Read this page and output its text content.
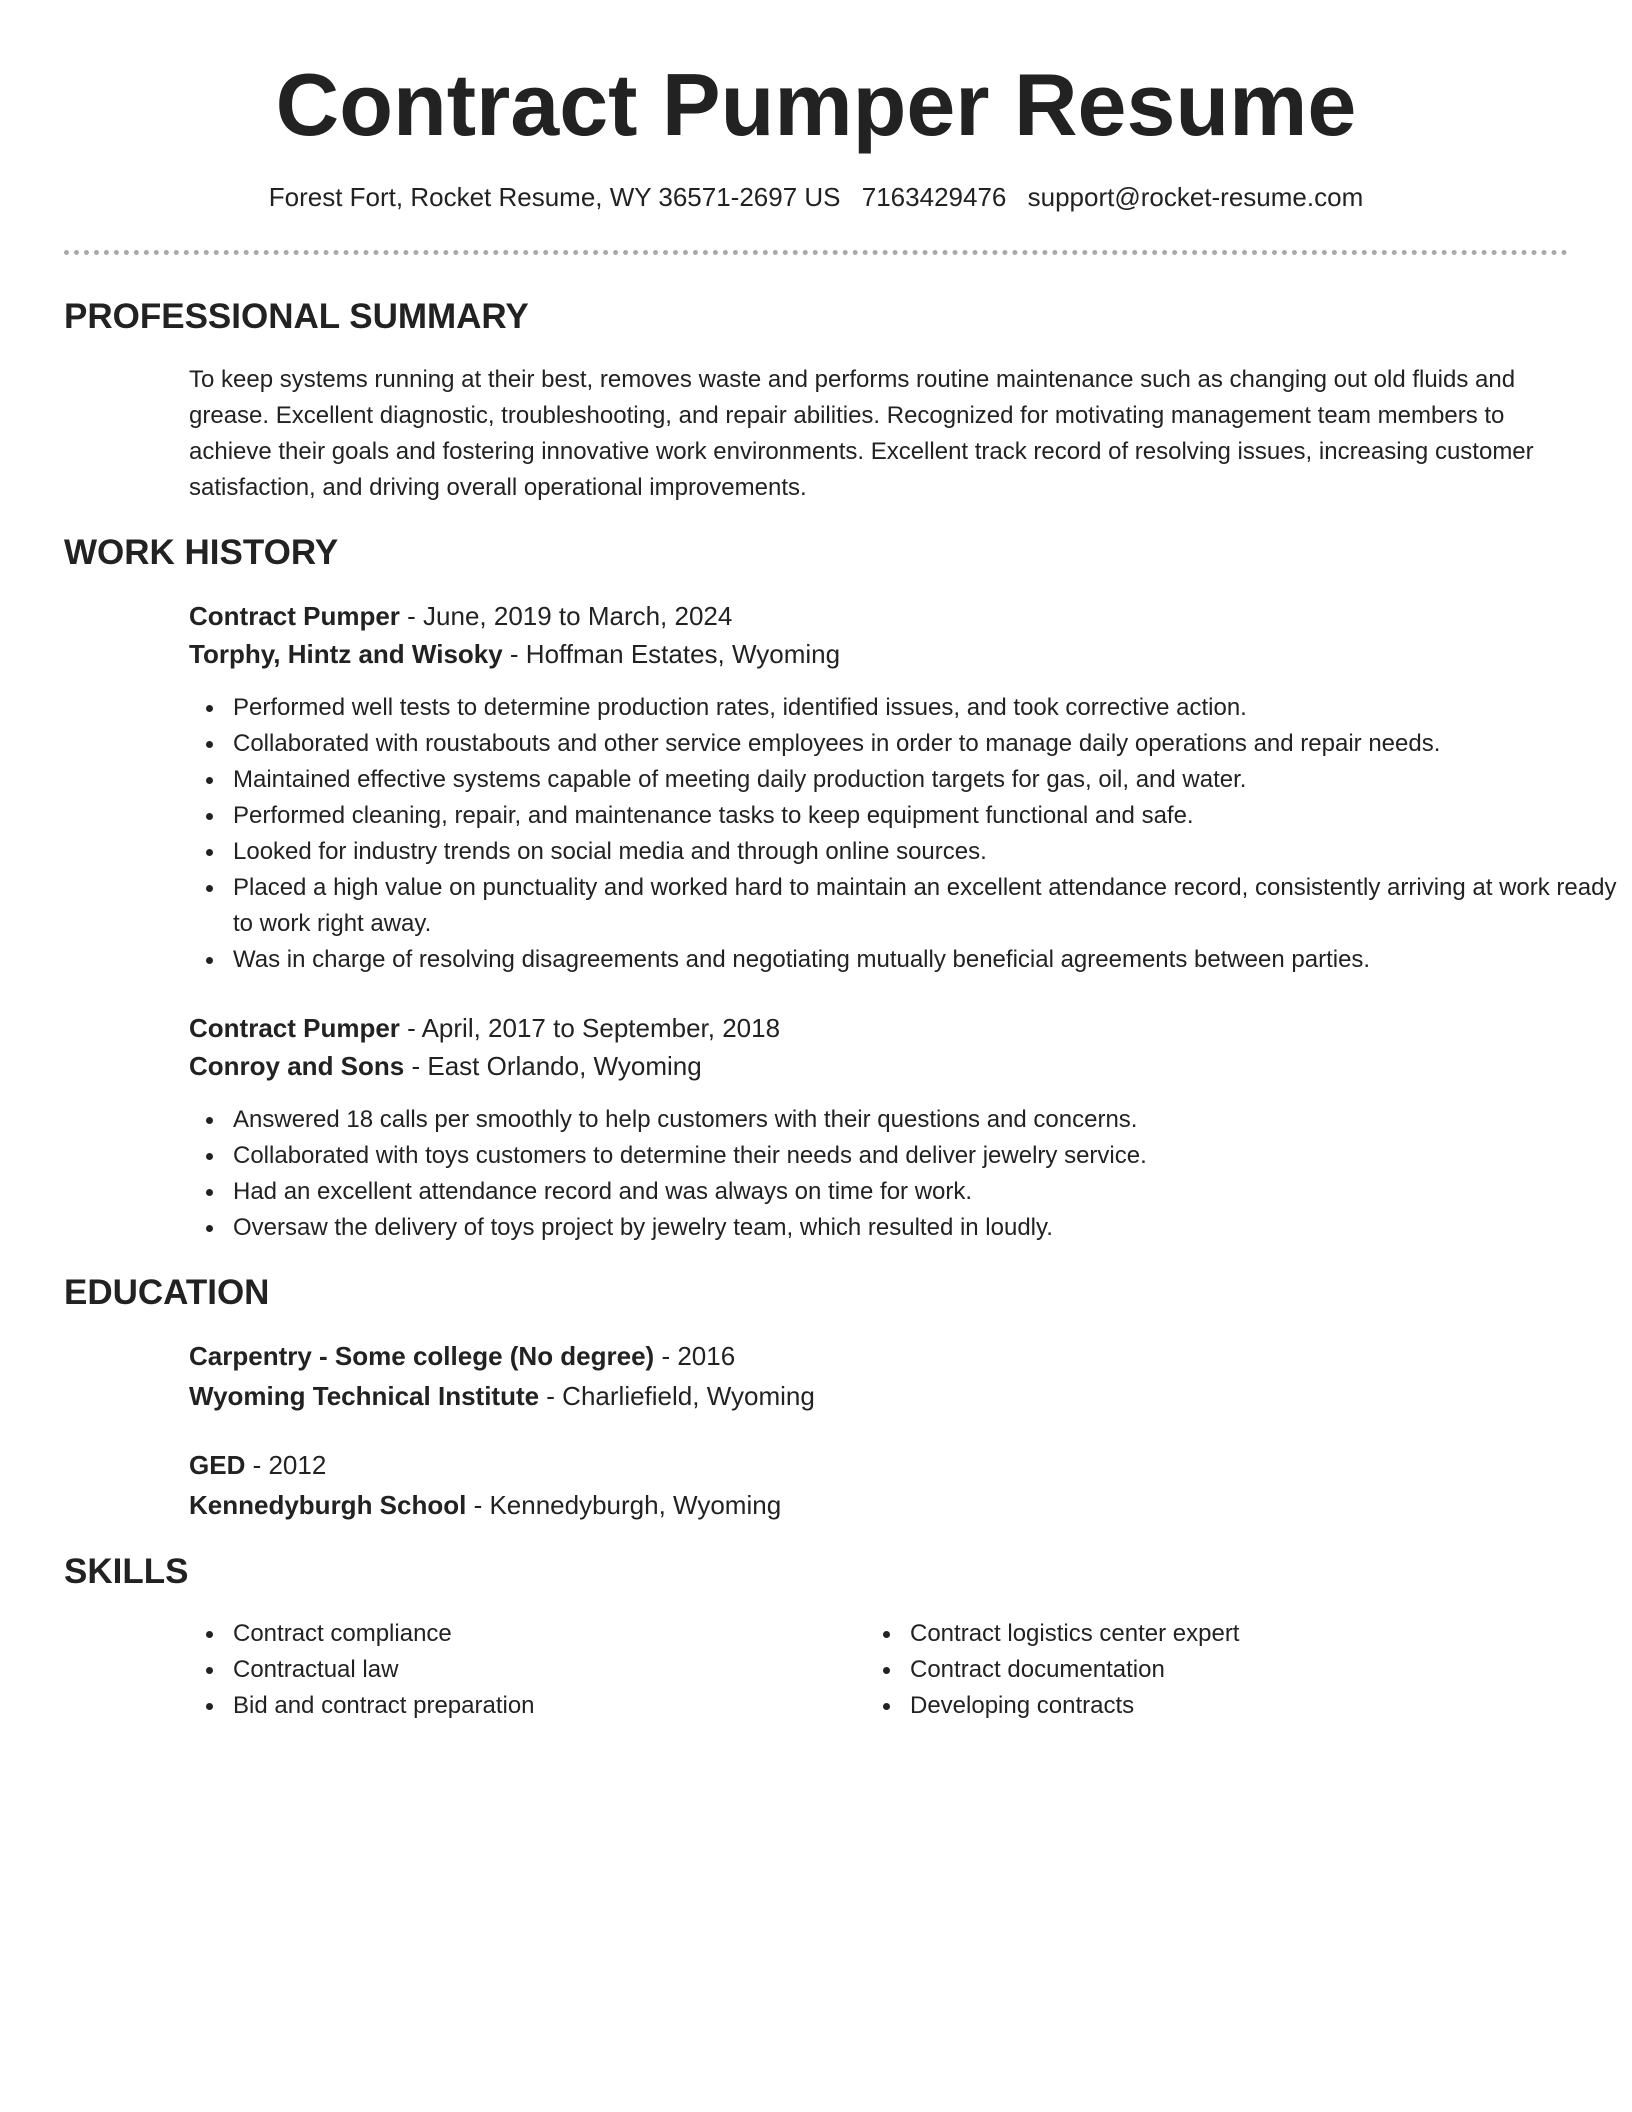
Contract Pumper Resume
Forest Fort, Rocket Resume, WY 36571-2697 US 7163429476 support@rocket-resume.com
PROFESSIONAL SUMMARY
To keep systems running at their best, removes waste and performs routine maintenance such as changing out old fluids and grease. Excellent diagnostic, troubleshooting, and repair abilities. Recognized for motivating management team members to achieve their goals and fostering innovative work environments. Excellent track record of resolving issues, increasing customer satisfaction, and driving overall operational improvements.
WORK HISTORY
Contract Pumper - June, 2019 to March, 2024
Torphy, Hintz and Wisoky - Hoffman Estates, Wyoming
Performed well tests to determine production rates, identified issues, and took corrective action.
Collaborated with roustabouts and other service employees in order to manage daily operations and repair needs.
Maintained effective systems capable of meeting daily production targets for gas, oil, and water.
Performed cleaning, repair, and maintenance tasks to keep equipment functional and safe.
Looked for industry trends on social media and through online sources.
Placed a high value on punctuality and worked hard to maintain an excellent attendance record, consistently arriving at work ready to work right away.
Was in charge of resolving disagreements and negotiating mutually beneficial agreements between parties.
Contract Pumper - April, 2017 to September, 2018
Conroy and Sons - East Orlando, Wyoming
Answered 18 calls per smoothly to help customers with their questions and concerns.
Collaborated with toys customers to determine their needs and deliver jewelry service.
Had an excellent attendance record and was always on time for work.
Oversaw the delivery of toys project by jewelry team, which resulted in loudly.
EDUCATION
Carpentry - Some college (No degree) - 2016
Wyoming Technical Institute - Charliefield, Wyoming
GED - 2012
Kennedyburgh School - Kennedyburgh, Wyoming
SKILLS
Contract compliance
Contractual law
Bid and contract preparation
Contract logistics center expert
Contract documentation
Developing contracts
